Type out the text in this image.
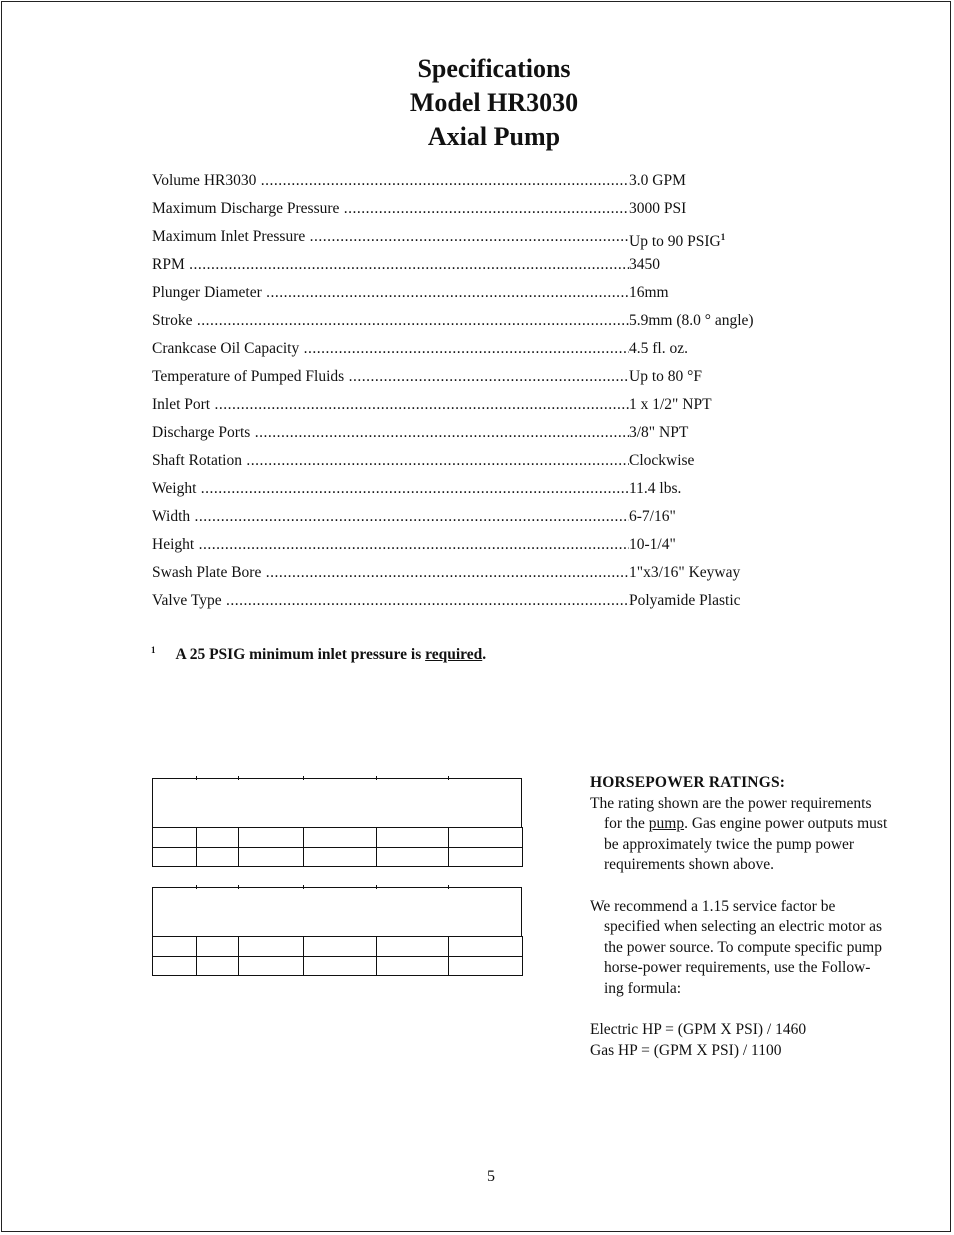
Specifications
Model HR3030
Axial Pump
Volume HR3030 .....	3.0 GPM
Maximum Discharge Pressure .....	3000 PSI
Maximum Inlet Pressure .....	Up to 90 PSIG$^1$
RPM .....	3450
Plunger Diameter .....	16mm
Stroke .....	5.9mm (8.0 ° angle)
Crankcase Oil Capacity .....	4.5 fl. oz.
Temperature of Pumped Fluids .....	Up to 80 °F
Inlet Port .....	1 x 1/2" NPT
Discharge Ports .....	3/8" NPT
Shaft Rotation .....	Clockwise
Weight .....	11.4 lbs.
Width .....	6-7/16"
Height .....	10-1/4"
Swash Plate Bore .....	1"x3/16" Keyway
Valve Type .....	Polyamide Plastic
$^1$ A 25 PSIG minimum inlet pressure is required.

HORSEPOWER RATINGS:
The rating shown are the power requirements for the pump. Gas engine power outputs must be approximately twice the pump power requirements shown above.
We recommend a 1.15 service factor be specified when selecting an electric motor as the power source. To compute specific pump horse-power requirements, use the Follow-ing formula:
Electric HP = (GPM X PSI) / 1460
Gas HP = (GPM X PSI) / 1100
5
